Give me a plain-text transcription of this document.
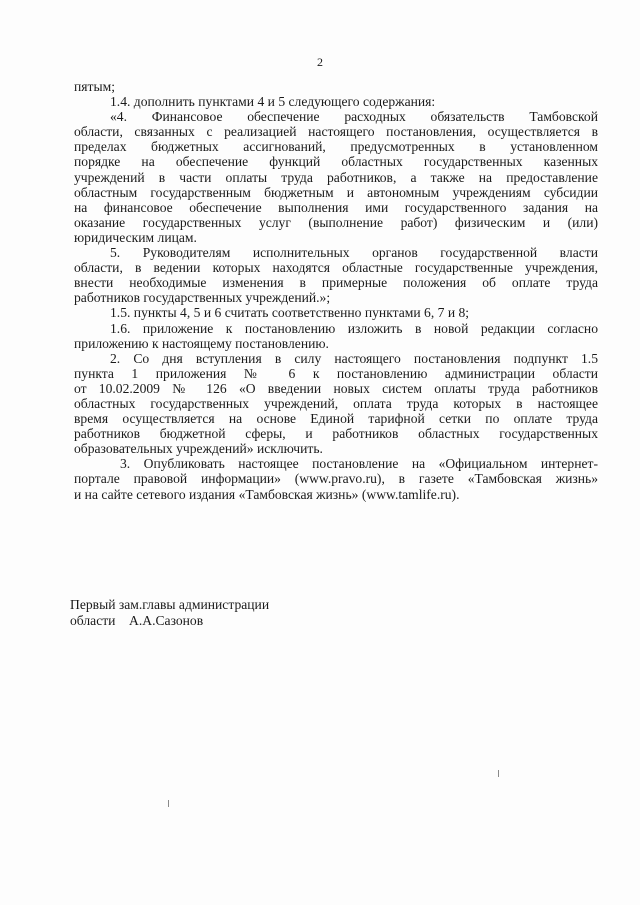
2
пятым;
1.4. дополнить пунктами 4 и 5 следующего содержания:
«4. Финансовое обеспечение расходных обязательств Тамбовской
области, связанных с реализацией настоящего постановления, осуществляется в
пределах бюджетных ассигнований, предусмотренных в установленном
порядке на обеспечение функций областных государственных казенных
учреждений в части оплаты труда работников, а также на предоставление
областным государственным бюджетным и автономным учреждениям субсидии
на финансовое обеспечение выполнения ими государственного задания на
оказание государственных услуг (выполнение работ) физическим и (или)
юридическим лицам.
5. Руководителям исполнительных органов государственной власти
области, в ведении которых находятся областные государственные учреждения,
внести необходимые изменения в примерные положения об оплате труда
работников государственных учреждений.»;
1.5. пункты 4, 5 и 6 считать соответственно пунктами 6, 7 и 8;
1.6. приложение к постановлению изложить в новой редакции согласно
приложению к настоящему постановлению.
2. Со дня вступления в силу настоящего постановления подпункт 1.5
пункта 1 приложения № 6 к постановлению администрации области
от 10.02.2009 № 126 «О введении новых систем оплаты труда работников
областных государственных учреждений, оплата труда которых в настоящее
время осуществляется на основе Единой тарифной сетки по оплате труда
работников бюджетной сферы, и работников областных государственных
образовательных учреждений» исключить.
3. Опубликовать настоящее постановление на «Официальном интернет-
портале правовой информации» (www.pravo.ru), в газете «Тамбовская жизнь»
и на сайте сетевого издания «Тамбовская жизнь» (www.tamlife.ru).
Первый зам.главы администрации
области    А.А.Сазонов
